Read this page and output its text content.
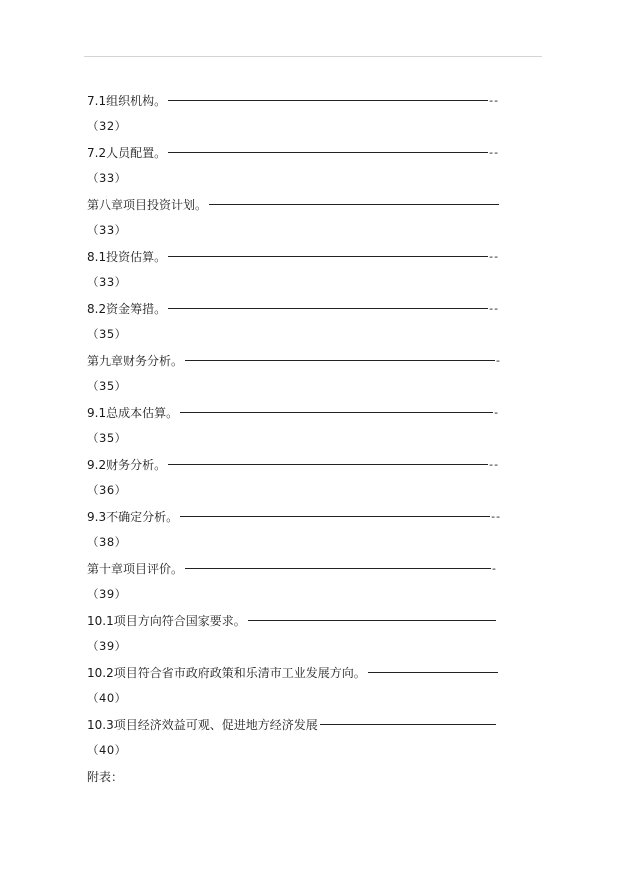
7.1组织机构。	--
（32）
7.2人员配置。	--
（33）
第八章项目投资计划。
（33）
8.1投资估算。	--
（33）
8.2资金筹措。	--
（35）
第九章财务分析。	-
（35）
9.1总成本估算。	-
（35）
9.2财务分析。	--
（36）
9.3不确定分析。	--
（38）
第十章项目评价。	-
（39）
10.1项目方向符合国家要求。
（39）
10.2项目符合省市政府政策和乐清市工业发展方向。
（40）
10.3项目经济效益可观、促进地方经济发展
（40）
附表：
